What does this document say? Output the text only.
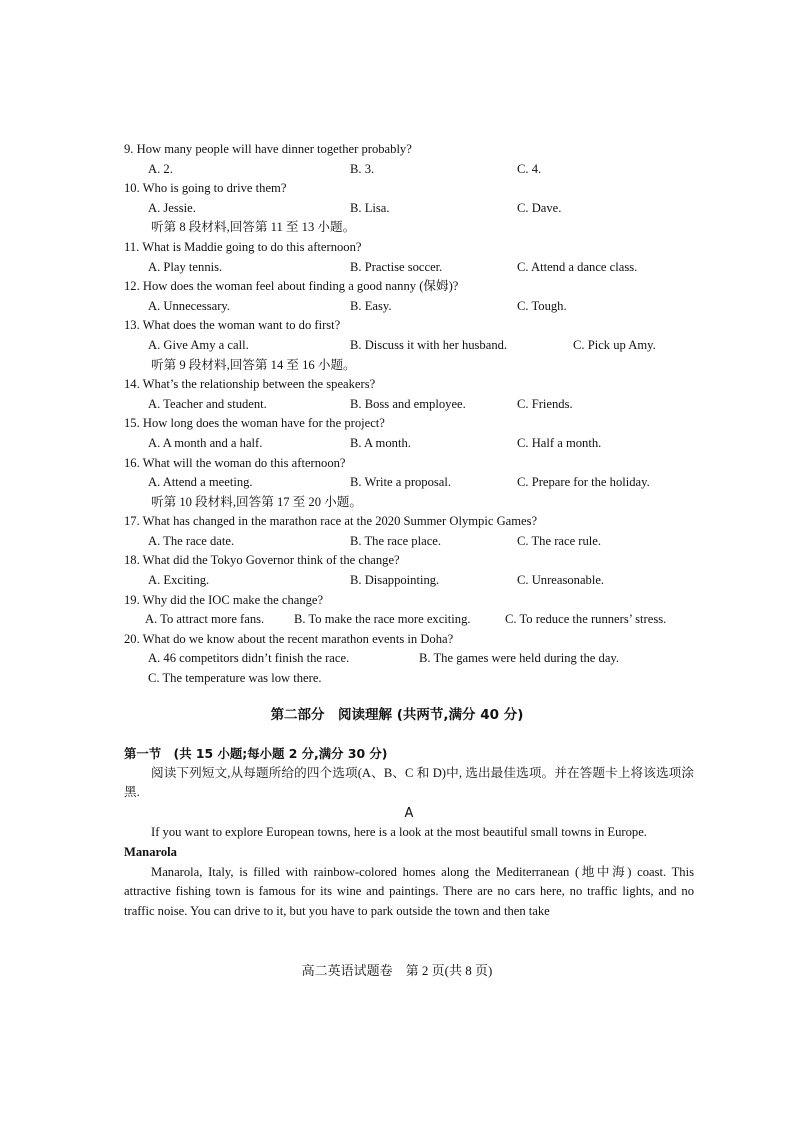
9. How many people will have dinner together probably?
A. 2.	B. 3.	C. 4.
10. Who is going to drive them?
A. Jessie.	B. Lisa.	C. Dave.
听第 8 段材料,回答第 11 至 13 小题。
11. What is Maddie going to do this afternoon?
A. Play tennis.	B. Practise soccer.	C. Attend a dance class.
12. How does the woman feel about finding a good nanny (保姆)?
A. Unnecessary.	B. Easy.	C. Tough.
13. What does the woman want to do first?
A. Give Amy a call.	B. Discuss it with her husband.	C. Pick up Amy.
听第 9 段材料,回答第 14 至 16 小题。
14. What’s the relationship between the speakers?
A. Teacher and student.	B. Boss and employee.	C. Friends.
15. How long does the woman have for the project?
A. A month and a half.	B. A month.	C. Half a month.
16. What will the woman do this afternoon?
A. Attend a meeting.	B. Write a proposal.	C. Prepare for the holiday.
听第 10 段材料,回答第 17 至 20 小题。
17. What has changed in the marathon race at the 2020 Summer Olympic Games?
A. The race date.	B. The race place.	C. The race rule.
18. What did the Tokyo Governor think of the change?
A. Exciting.	B. Disappointing.	C. Unreasonable.
19. Why did the IOC make the change?
A. To attract more fans. B. To make the race more exciting.	C. To reduce the runners’ stress.
20. What do we know about the recent marathon events in Doha?
A. 46 competitors didn’t finish the race.	B. The games were held during the day.
C. The temperature was low there.
第二部分　阅读理解 (共两节,满分 40 分)
第一节　(共 15 小题;每小题 2 分,满分 30 分)
阅读下列短文,从每题所给的四个选项(A、B、C 和 D)中, 选出最佳选项。并在答题卡上将该选项涂黑.
A
If you want to explore European towns, here is a look at the most beautiful small towns in Europe.
Manarola
Manarola, Italy, is filled with rainbow-colored homes along the Mediterranean (地中海) coast. This attractive fishing town is famous for its wine and paintings. There are no cars here, no traffic lights, and no traffic noise. You can drive to it, but you have to park outside the town and then take
高二英语试题卷　第 2 页(共 8 页)
